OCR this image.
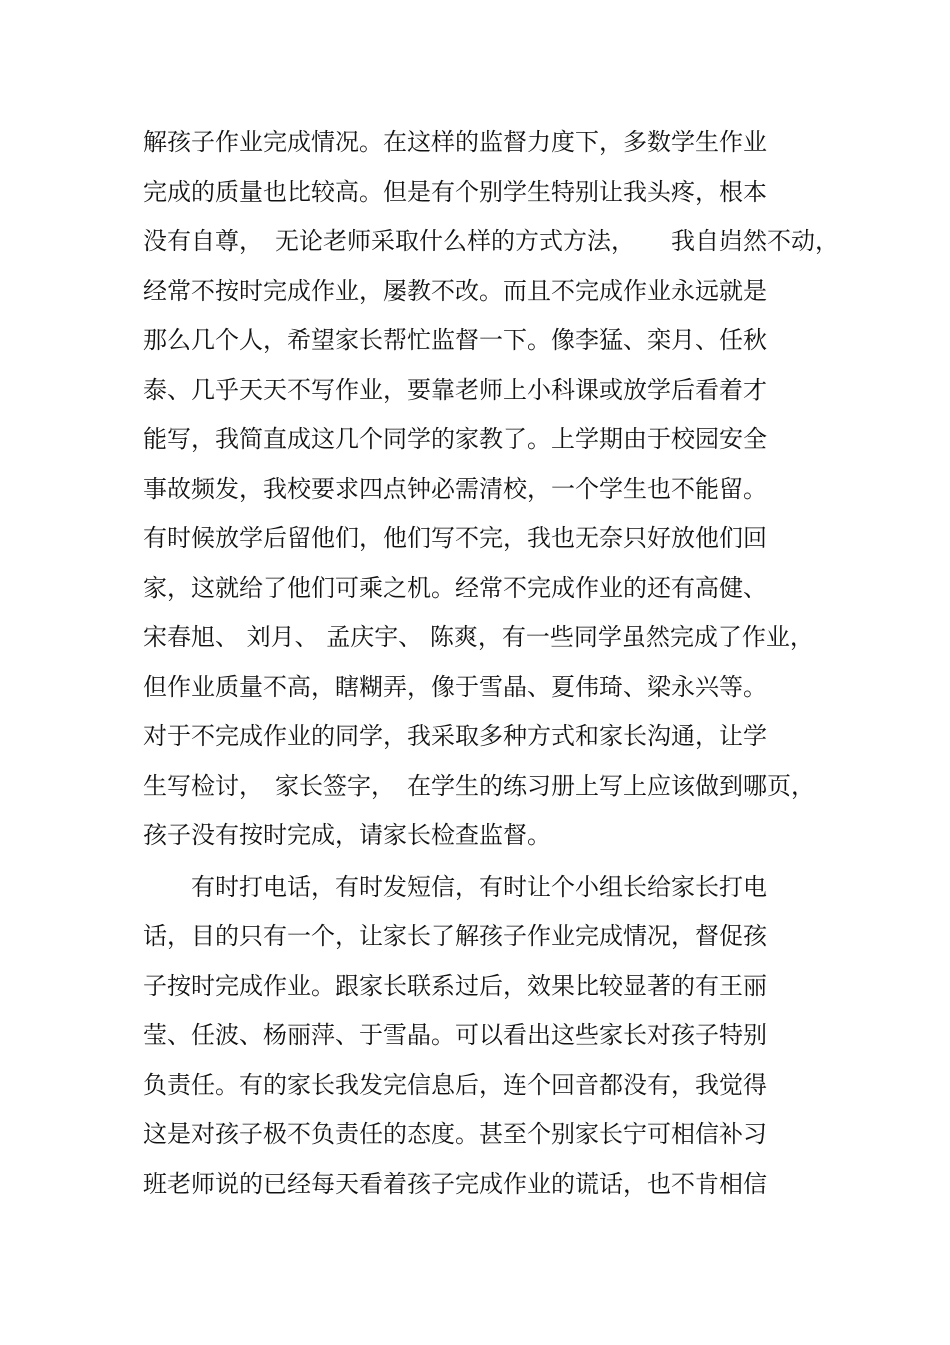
解孩子作业完成情况。在这样的监督力度下，多数学生作业
完成的质量也比较高。但是有个别学生特别让我头疼，根本
没有自尊，　无论老师采取什么样的方式方法，　　我自岿然不动，
经常不按时完成作业，屡教不改。而且不完成作业永远就是
那么几个人，希望家长帮忙监督一下。像李猛、栾月、任秋
泰、几乎天天不写作业，要靠老师上小科课或放学后看着才
能写，我简直成这几个同学的家教了。上学期由于校园安全
事故频发，我校要求四点钟必需清校，一个学生也不能留。
有时候放学后留他们，他们写不完，我也无奈只好放他们回
家，这就给了他们可乘之机。经常不完成作业的还有高健、
宋春旭、 刘月、 孟庆宇、 陈爽，有一些同学虽然完成了作业，
但作业质量不高，瞎糊弄，像于雪晶、夏伟琦、梁永兴等。
对于不完成作业的同学，我采取多种方式和家长沟通，让学
生写检讨，　家长签字，　在学生的练习册上写上应该做到哪页，
孩子没有按时完成，请家长检查监督。
有时打电话，有时发短信，有时让个小组长给家长打电
话，目的只有一个，让家长了解孩子作业完成情况，督促孩
子按时完成作业。跟家长联系过后，效果比较显著的有王丽
莹、任波、杨丽萍、于雪晶。可以看出这些家长对孩子特别
负责任。有的家长我发完信息后，连个回音都没有，我觉得
这是对孩子极不负责任的态度。甚至个别家长宁可相信补习
班老师说的已经每天看着孩子完成作业的谎话，也不肯相信
